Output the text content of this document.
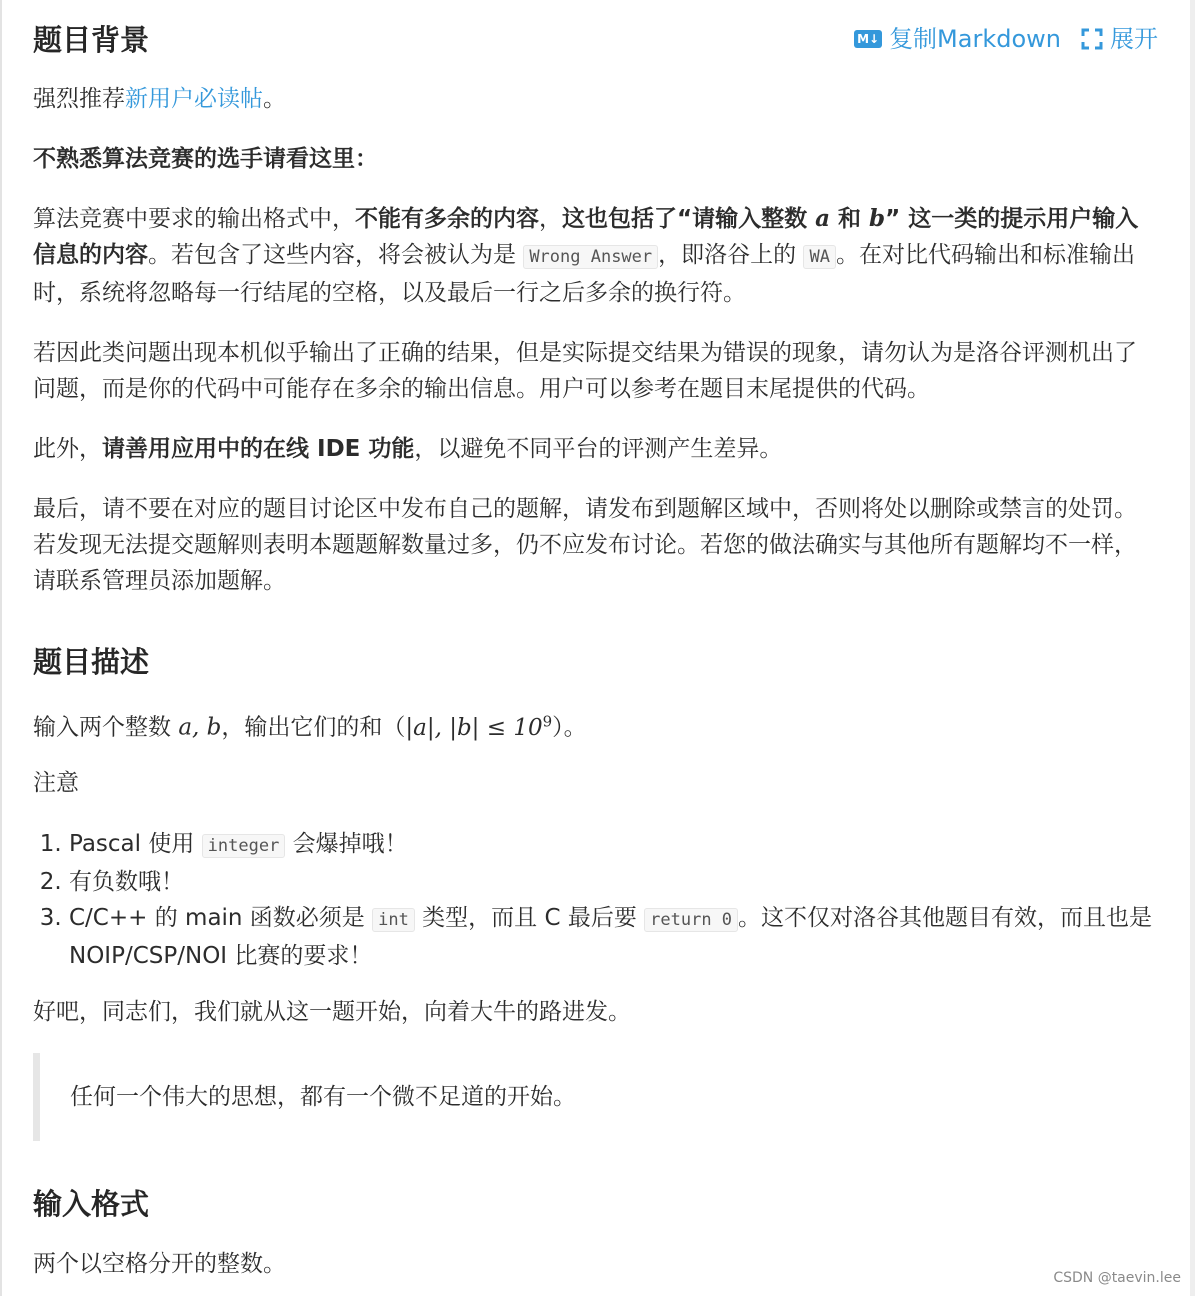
M↓ 复制Markdown 展开
题目背景

强烈推荐新用户必读帖。

不熟悉算法竞赛的选手请看这里：

算法竞赛中要求的输出格式中，不能有多余的内容，这也包括了“请输入整数 a 和 b” 这一类的提示用户输入信息的内容。若包含了这些内容，将会被认为是 Wrong Answer ，即洛谷上的 WA 。在对比代码输出和标准输出时，系统将忽略每一行结尾的空格，以及最后一行之后多余的换行符。

若因此类问题出现本机似乎输出了正确的结果，但是实际提交结果为错误的现象，请勿认为是洛谷评测机出了问题，而是你的代码中可能存在多余的输出信息。用户可以参考在题目末尾提供的代码。

此外，请善用应用中的在线 IDE 功能，以避免不同平台的评测产生差异。

最后，请不要在对应的题目讨论区中发布自己的题解，请发布到题解区域中，否则将处以删除或禁言的处罚。若发现无法提交题解则表明本题题解数量过多，仍不应发布讨论。若您的做法确实与其他所有题解均不一样，请联系管理员添加题解。

题目描述

输入两个整数 a, b，输出它们的和（|a|, $|b| \le 10^9$）。

注意

1. Pascal 使用 integer 会爆掉哦！
2. 有负数哦！
3. C/C++ 的 main 函数必须是 int 类型，而且 C 最后要 return 0 。这不仅对洛谷其他题目有效，而且也是 NOIP/CSP/NOI 比赛的要求！

好吧，同志们，我们就从这一题开始，向着大牛的路进发。

任何一个伟大的思想，都有一个微不足道的开始。
输入格式

两个以空格分开的整数。

CSDN @taevin.lee
